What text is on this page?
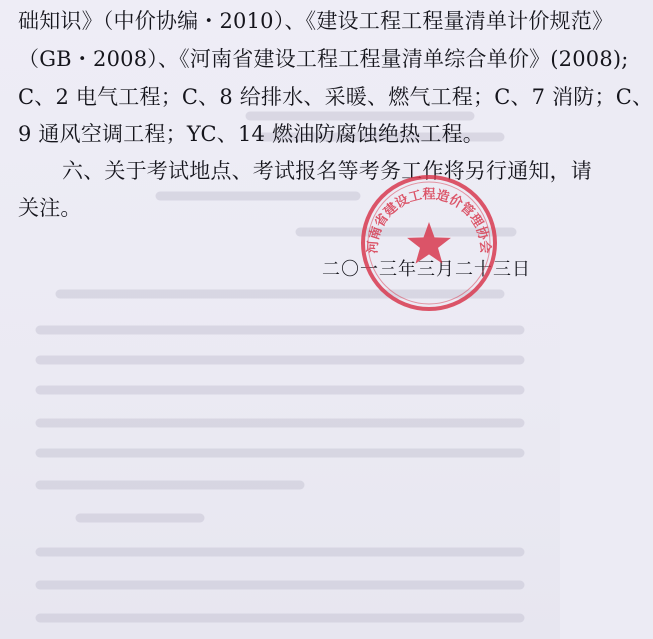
础知识》（中价协编・2010）、《建设工程工程量清单计价规范》
（GB・2008）、《河南省建设工程工程量清单综合单价》(2008);
C、2 电气工程；C、8 给排水、采暖、燃气工程；C、7 消防；C、
9 通风空调工程；YC、14 燃油防腐蚀绝热工程。
六、关于考试地点、考试报名等考务工作将另行通知，请
关注。
二〇一三年三月二十三日
河南省建设工程造价管理协会
